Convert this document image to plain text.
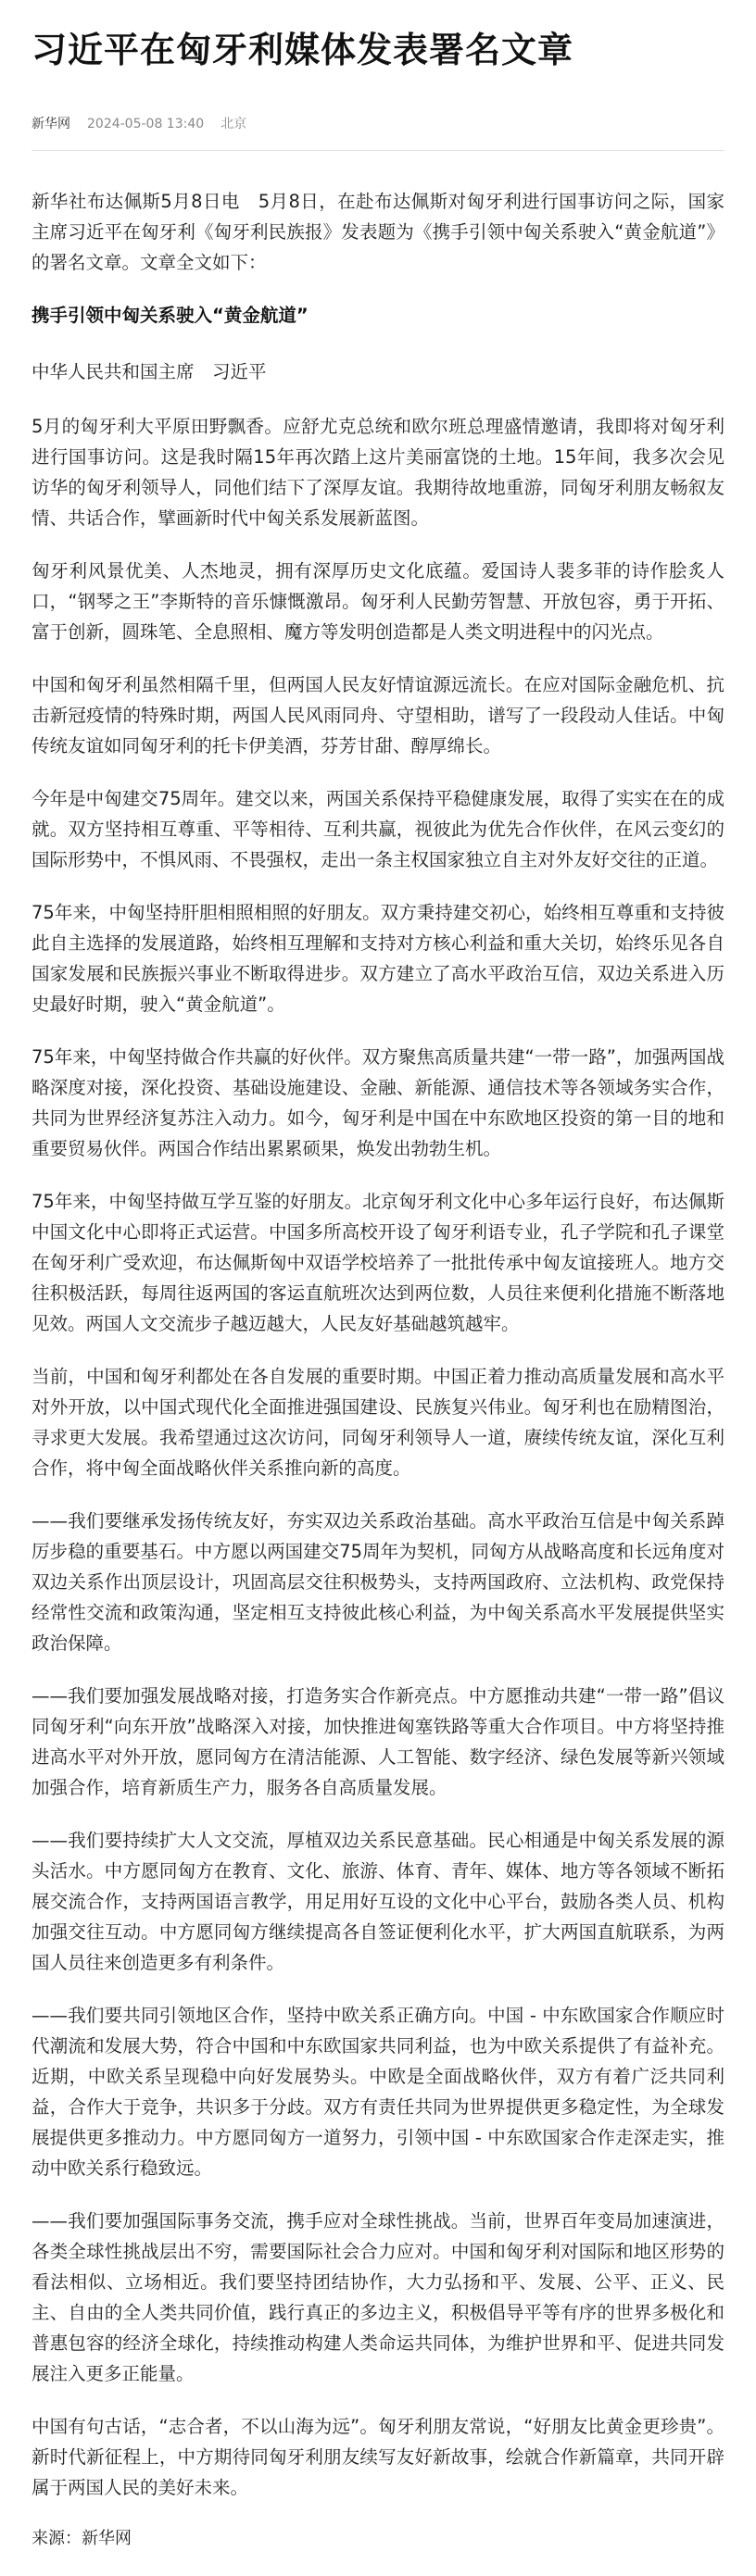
习近平在匈牙利媒体发表署名文章
新华网 2024-05-08 13:40 北京

新华社布达佩斯5月8日电　5月8日，在赴布达佩斯对匈牙利进行国事访问之际，国家主席习近平在匈牙利《匈牙利民族报》发表题为《携手引领中匈关系驶入“黄金航道”》的署名文章。文章全文如下：

携手引领中匈关系驶入“黄金航道”

中华人民共和国主席　习近平

5月的匈牙利大平原田野飘香。应舒尤克总统和欧尔班总理盛情邀请，我即将对匈牙利进行国事访问。这是我时隔15年再次踏上这片美丽富饶的土地。15年间，我多次会见访华的匈牙利领导人，同他们结下了深厚友谊。我期待故地重游，同匈牙利朋友畅叙友情、共话合作，擘画新时代中匈关系发展新蓝图。

匈牙利风景优美、人杰地灵，拥有深厚历史文化底蕴。爱国诗人裴多菲的诗作脍炙人口，“钢琴之王”李斯特的音乐慷慨激昂。匈牙利人民勤劳智慧、开放包容，勇于开拓、富于创新，圆珠笔、全息照相、魔方等发明创造都是人类文明进程中的闪光点。

中国和匈牙利虽然相隔千里，但两国人民友好情谊源远流长。在应对国际金融危机、抗击新冠疫情的特殊时期，两国人民风雨同舟、守望相助，谱写了一段段动人佳话。中匈传统友谊如同匈牙利的托卡伊美酒，芬芳甘甜、醇厚绵长。

今年是中匈建交75周年。建交以来，两国关系保持平稳健康发展，取得了实实在在的成就。双方坚持相互尊重、平等相待、互利共赢，视彼此为优先合作伙伴，在风云变幻的国际形势中，不惧风雨、不畏强权，走出一条主权国家独立自主对外友好交往的正道。

75年来，中匈坚持肝胆相照相照的好朋友。双方秉持建交初心，始终相互尊重和支持彼此自主选择的发展道路，始终相互理解和支持对方核心利益和重大关切，始终乐见各自国家发展和民族振兴事业不断取得进步。双方建立了高水平政治互信，双边关系进入历史最好时期，驶入“黄金航道”。

75年来，中匈坚持做合作共赢的好伙伴。双方聚焦高质量共建“一带一路”，加强两国战略深度对接，深化投资、基础设施建设、金融、新能源、通信技术等各领域务实合作，共同为世界经济复苏注入动力。如今，匈牙利是中国在中东欧地区投资的第一目的地和重要贸易伙伴。两国合作结出累累硕果，焕发出勃勃生机。

75年来，中匈坚持做互学互鉴的好朋友。北京匈牙利文化中心多年运行良好，布达佩斯中国文化中心即将正式运营。中国多所高校开设了匈牙利语专业，孔子学院和孔子课堂在匈牙利广受欢迎，布达佩斯匈中双语学校培养了一批批传承中匈友谊接班人。地方交往积极活跃，每周往返两国的客运直航班次达到两位数，人员往来便利化措施不断落地见效。两国人文交流步子越迈越大，人民友好基础越筑越牢。

当前，中国和匈牙利都处在各自发展的重要时期。中国正着力推动高质量发展和高水平对外开放，以中国式现代化全面推进强国建设、民族复兴伟业。匈牙利也在励精图治，寻求更大发展。我希望通过这次访问，同匈牙利领导人一道，赓续传统友谊，深化互利合作，将中匈全面战略伙伴关系推向新的高度。

——我们要继承发扬传统友好，夯实双边关系政治基础。高水平政治互信是中匈关系踔厉步稳的重要基石。中方愿以两国建交75周年为契机，同匈方从战略高度和长远角度对双边关系作出顶层设计，巩固高层交往积极势头，支持两国政府、立法机构、政党保持经常性交流和政策沟通，坚定相互支持彼此核心利益，为中匈关系高水平发展提供坚实政治保障。

——我们要加强发展战略对接，打造务实合作新亮点。中方愿推动共建“一带一路”倡议同匈牙利“向东开放”战略深入对接，加快推进匈塞铁路等重大合作项目。中方将坚持推进高水平对外开放，愿同匈方在清洁能源、人工智能、数字经济、绿色发展等新兴领域加强合作，培育新质生产力，服务各自高质量发展。

——我们要持续扩大人文交流，厚植双边关系民意基础。民心相通是中匈关系发展的源头活水。中方愿同匈方在教育、文化、旅游、体育、青年、媒体、地方等各领域不断拓展交流合作，支持两国语言教学，用足用好互设的文化中心平台，鼓励各类人员、机构加强交往互动。中方愿同匈方继续提高各自签证便利化水平，扩大两国直航联系，为两国人员往来创造更多有利条件。

——我们要共同引领地区合作，坚持中欧关系正确方向。中国 - 中东欧国家合作顺应时代潮流和发展大势，符合中国和中东欧国家共同利益，也为中欧关系提供了有益补充。近期，中欧关系呈现稳中向好发展势头。中欧是全面战略伙伴，双方有着广泛共同利益，合作大于竞争，共识多于分歧。双方有责任共同为世界提供更多稳定性，为全球发展提供更多推动力。中方愿同匈方一道努力，引领中国 - 中东欧国家合作走深走实，推动中欧关系行稳致远。

——我们要加强国际事务交流，携手应对全球性挑战。当前，世界百年变局加速演进，各类全球性挑战层出不穷，需要国际社会合力应对。中国和匈牙利对国际和地区形势的看法相似、立场相近。我们要坚持团结协作，大力弘扬和平、发展、公平、正义、民主、自由的全人类共同价值，践行真正的多边主义，积极倡导平等有序的世界多极化和普惠包容的经济全球化，持续推动构建人类命运共同体，为维护世界和平、促进共同发展注入更多正能量。

中国有句古话，“志合者，不以山海为远”。匈牙利朋友常说，“好朋友比黄金更珍贵”。新时代新征程上，中方期待同匈牙利朋友续写友好新故事，绘就合作新篇章，共同开辟属于两国人民的美好未来。

来源：新华网
